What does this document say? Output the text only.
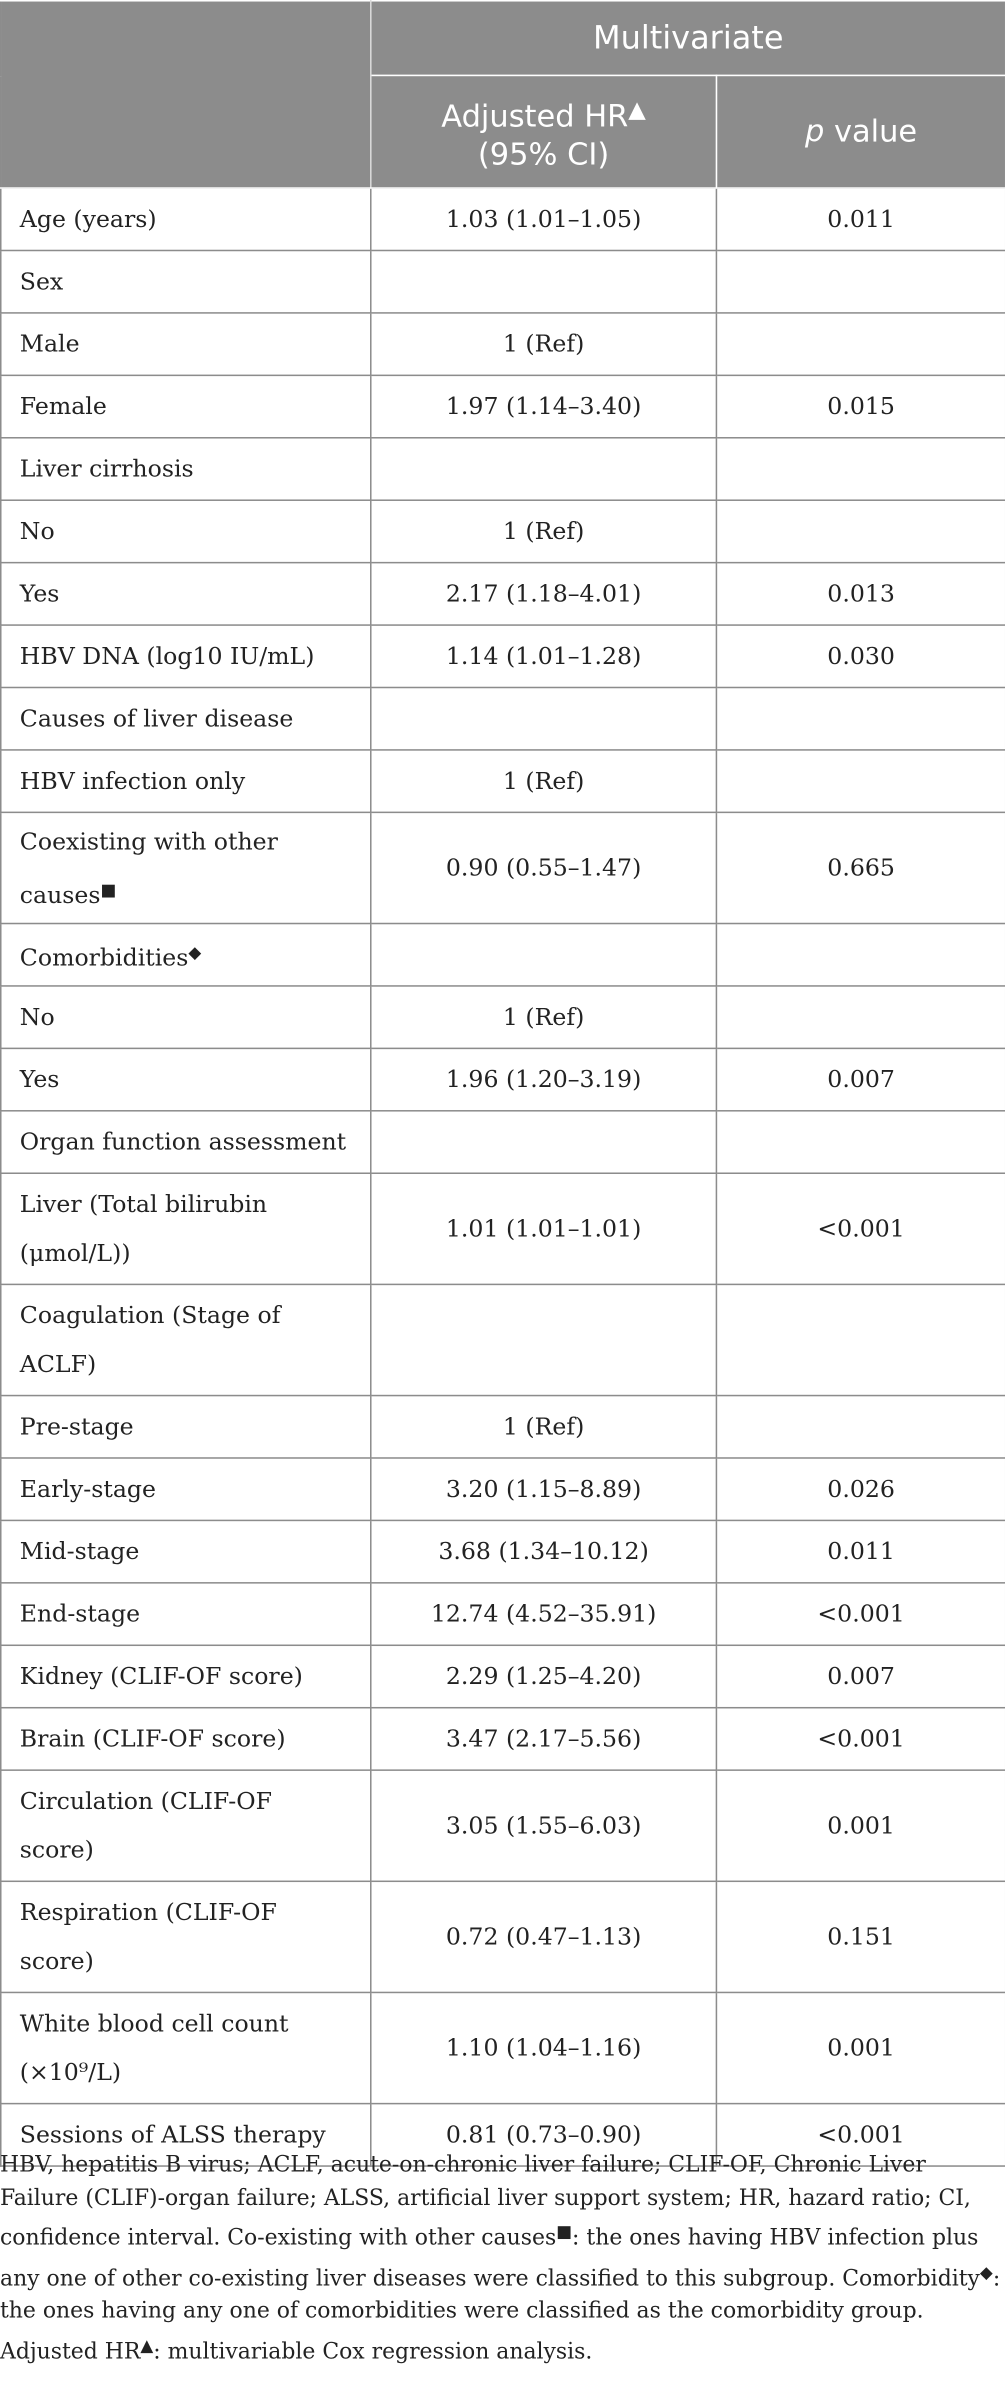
	Multivariate	
	Adjusted HR▲
(95% CI)	p value
Age (years)	1.03 (1.01–1.05)	0.011
Sex		
Male	1 (Ref)	
Female	1.97 (1.14–3.40)	0.015
Liver cirrhosis		
No	1 (Ref)	
Yes	2.17 (1.18–4.01)	0.013
HBV DNA (log10 IU/mL)	1.14 (1.01–1.28)	0.030
Causes of liver disease		
HBV infection only	1 (Ref)	
Coexisting with other causes■	0.90 (0.55–1.47)	0.665
Comorbidities◆		
No	1 (Ref)	
Yes	1.96 (1.20–3.19)	0.007
Organ function assessment		
Liver (Total bilirubin (μmol/L))	1.01 (1.01–1.01)	<0.001
Coagulation (Stage of ACLF)		
Pre-stage	1 (Ref)	
Early-stage	3.20 (1.15–8.89)	0.026
Mid-stage	3.68 (1.34–10.12)	0.011
End-stage	12.74 (4.52–35.91)	<0.001
Kidney (CLIF-OF score)	2.29 (1.25–4.20)	0.007
Brain (CLIF-OF score)	3.47 (2.17–5.56)	<0.001
Circulation (CLIF-OF score)	3.05 (1.55–6.03)	0.001
Respiration (CLIF-OF score)	0.72 (0.47–1.13)	0.151
White blood cell count (×10⁹/L)	1.10 (1.04–1.16)	0.001
Sessions of ALSS therapy	0.81 (0.73–0.90)	<0.001

HBV, hepatitis B virus; ACLF, acute-on-chronic liver failure; CLIF-OF, Chronic Liver Failure (CLIF)-organ failure; ALSS, artificial liver support system; HR, hazard ratio; CI, confidence interval. Co-existing with other causes■: the ones having HBV infection plus any one of other co-existing liver diseases were classified to this subgroup. Comorbidity◆: the ones having any one of comorbidities were classified as the comorbidity group. Adjusted HR▲: multivariable Cox regression analysis.
